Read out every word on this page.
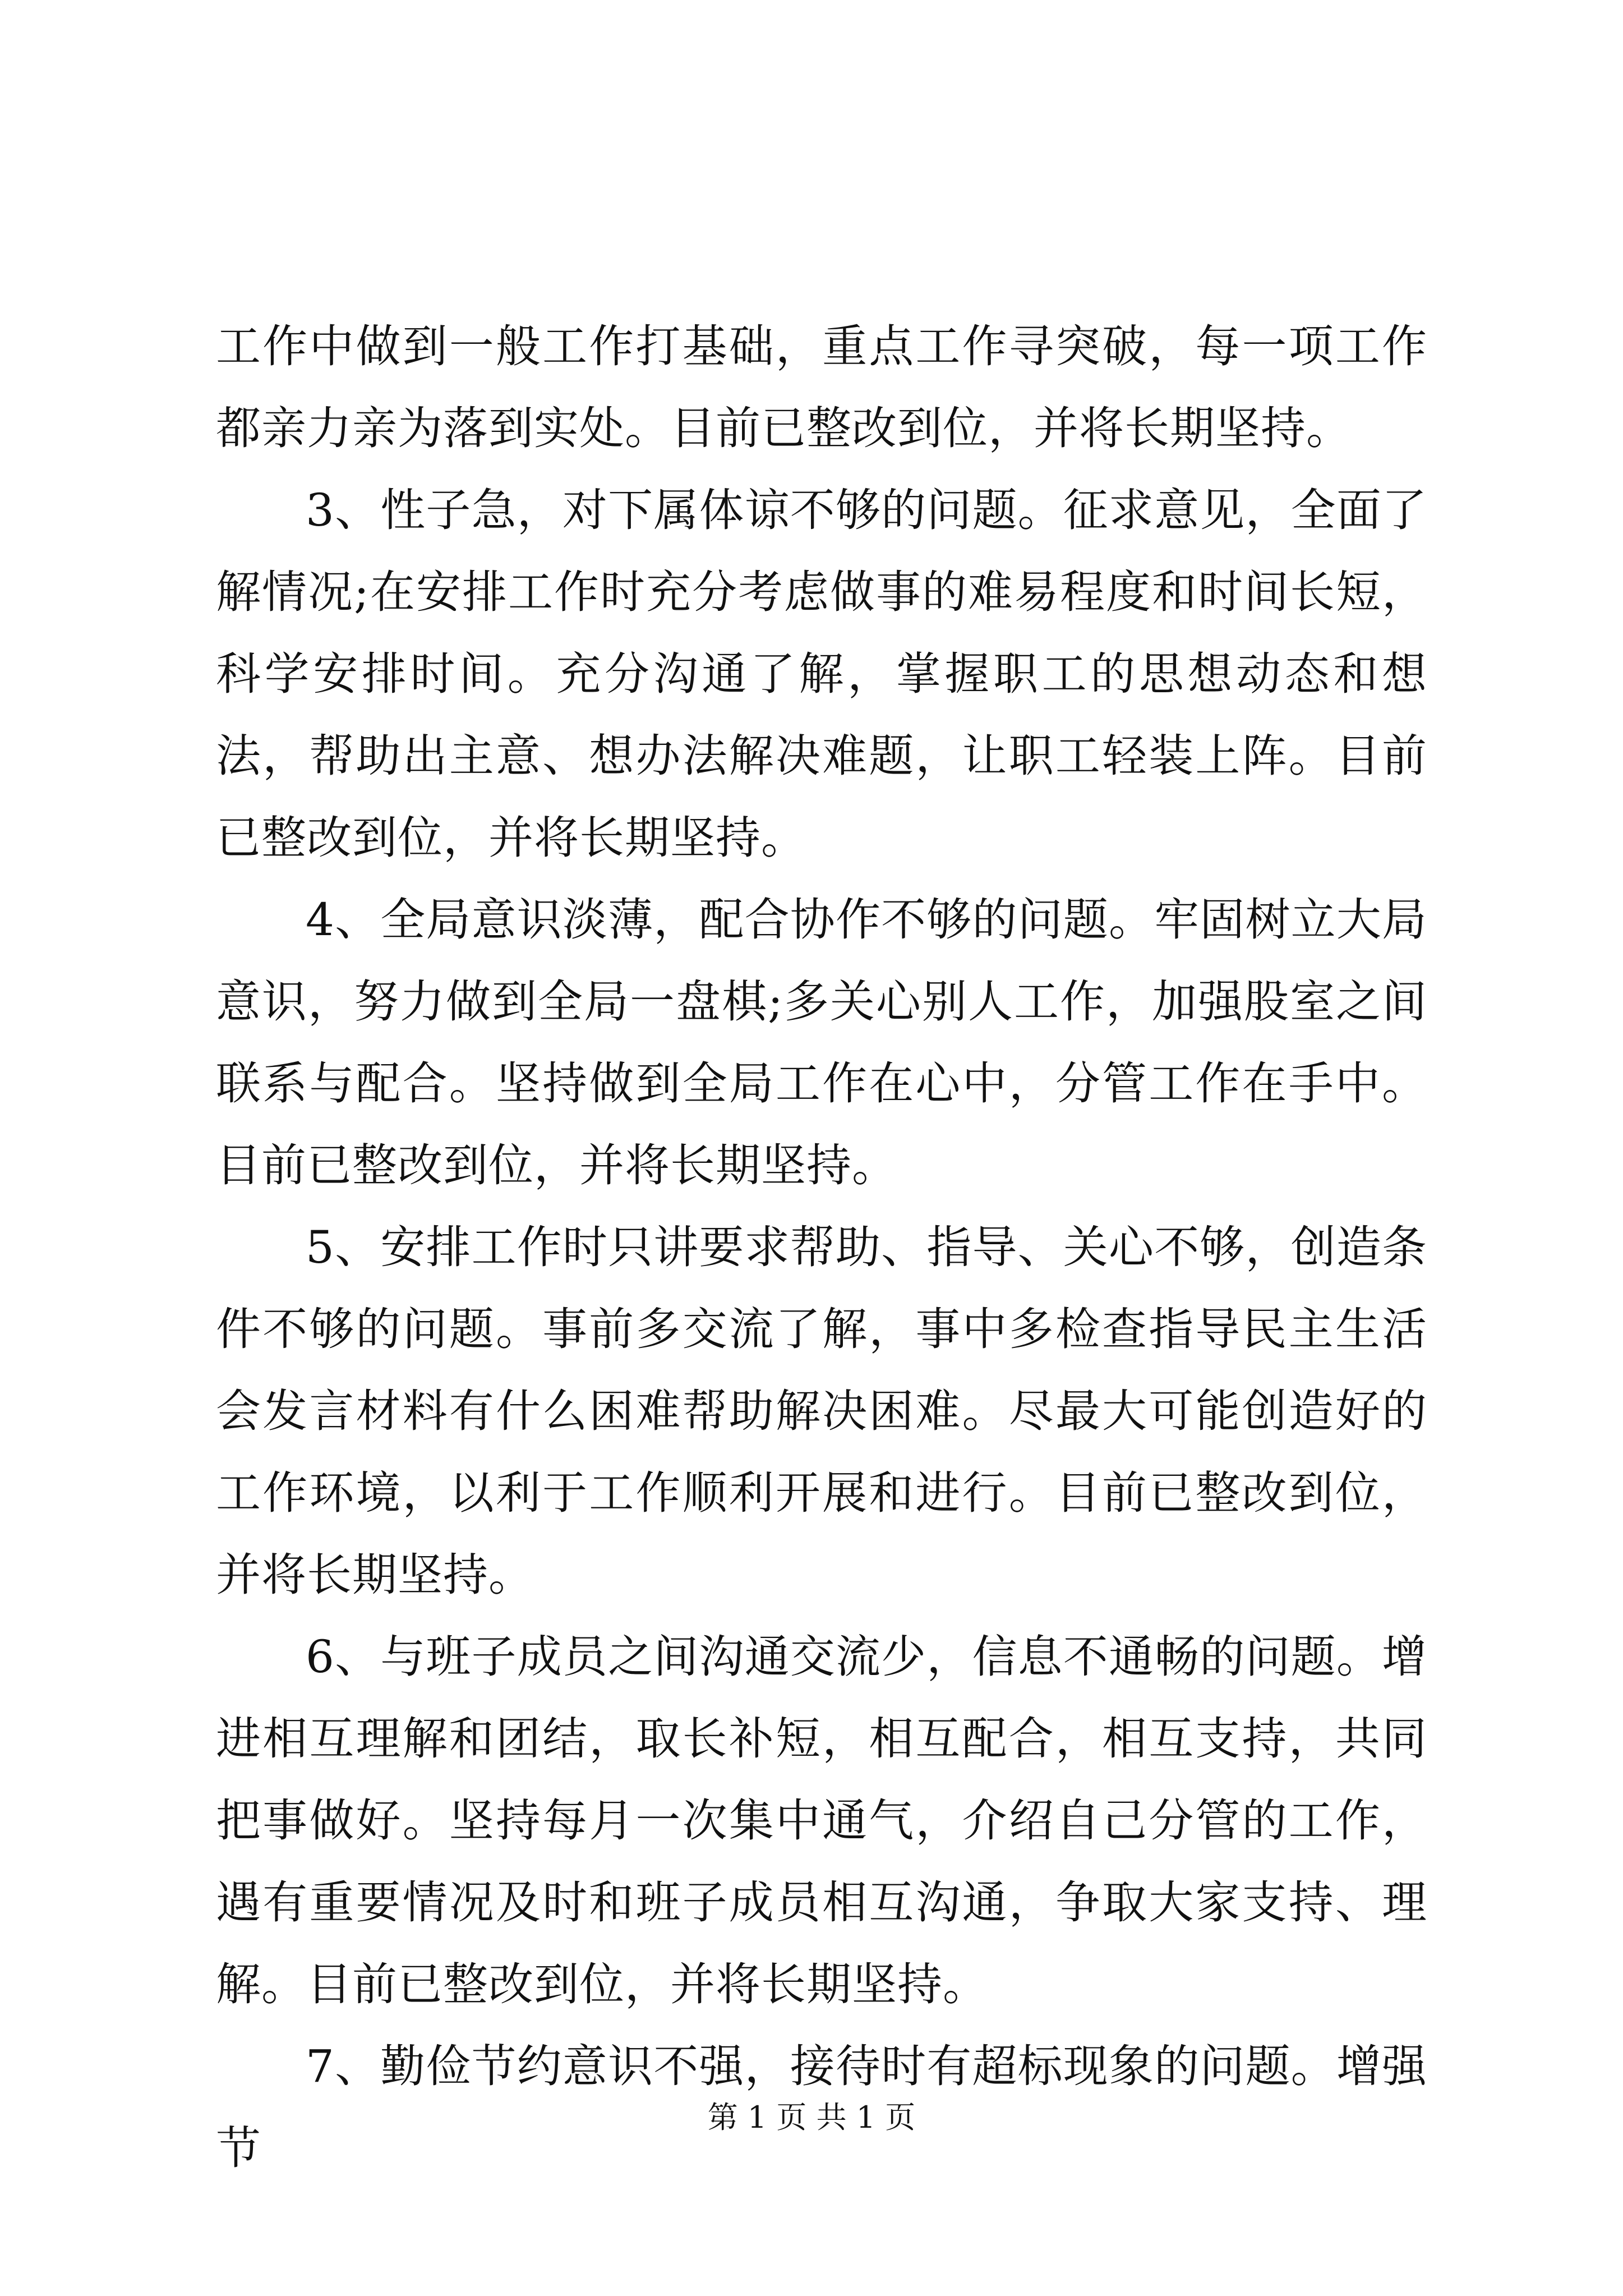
工作中做到一般工作打基础，重点工作寻突破，每一项工作都亲力亲为落到实处。目前已整改到位，并将长期坚持。

3、性子急，对下属体谅不够的问题。征求意见，全面了解情况;在安排工作时充分考虑做事的难易程度和时间长短，科学安排时间。充分沟通了解，掌握职工的思想动态和想法，帮助出主意、想办法解决难题，让职工轻装上阵。目前已整改到位，并将长期坚持。

4、全局意识淡薄，配合协作不够的问题。牢固树立大局意识，努力做到全局一盘棋;多关心别人工作，加强股室之间联系与配合。坚持做到全局工作在心中，分管工作在手中。目前已整改到位，并将长期坚持。

5、安排工作时只讲要求帮助、指导、关心不够，创造条件不够的问题。事前多交流了解，事中多检查指导民主生活会发言材料有什么困难帮助解决困难。尽最大可能创造好的工作环境，以利于工作顺利开展和进行。目前已整改到位，并将长期坚持。

6、与班子成员之间沟通交流少，信息不通畅的问题。增进相互理解和团结，取长补短，相互配合，相互支持，共同把事做好。坚持每月一次集中通气，介绍自己分管的工作，遇有重要情况及时和班子成员相互沟通，争取大家支持、理解。目前已整改到位，并将长期坚持。

7、勤俭节约意识不强，接待时有超标现象的问题。增强节

第 1 页 共 1 页
